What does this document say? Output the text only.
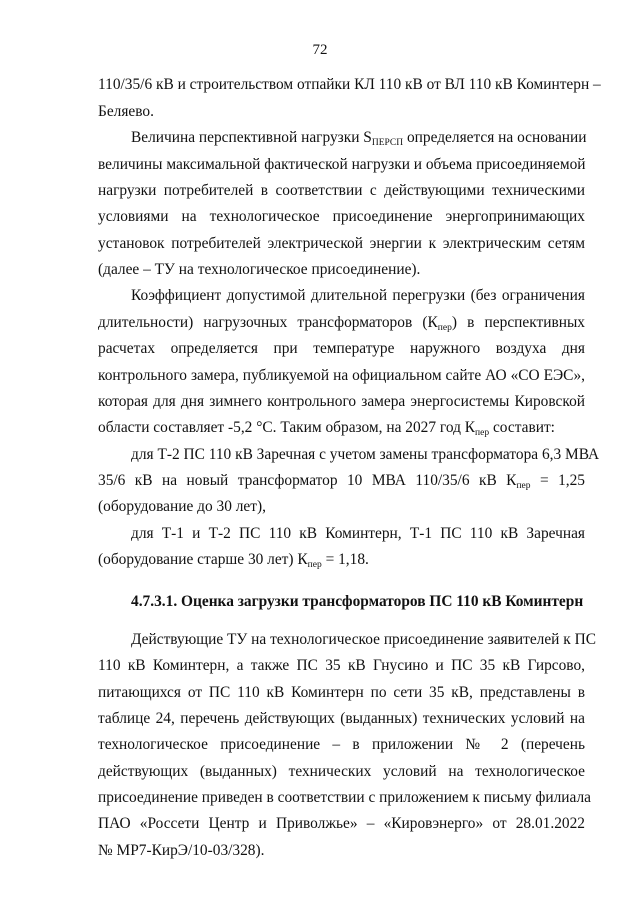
72
110/35/6 кВ и строительством отпайки КЛ 110 кВ от ВЛ 110 кВ Коминтерн –
Беляево.
Величина перспективной нагрузки $S_{ПЕРСП}$ определяется на основании
величины максимальной фактической нагрузки и объема присоединяемой
нагрузки потребителей в соответствии с действующими техническими
условиями на технологическое присоединение энергопринимающих
установок потребителей электрической энергии к электрическим сетям
(далее – ТУ на технологическое присоединение).
Коэффициент допустимой длительной перегрузки (без ограничения
длительности) нагрузочных трансформаторов $(К_{пер})$ в перспективных
расчетах определяется при температуре наружного воздуха дня
контрольного замера, публикуемой на официальном сайте АО «СО ЕЭС»,
которая для дня зимнего контрольного замера энергосистемы Кировской
области составляет -5,2 °С. Таким образом, на 2027 год $К_{пер}$ составит:
для Т-2 ПС 110 кВ Заречная с учетом замены трансформатора 6,3 МВА
35/6 кВ на новый трансформатор 10 МВА 110/35/6 кВ $К_{пер} = 1,25$
(оборудование до 30 лет),
для Т-1 и Т-2 ПС 110 кВ Коминтерн, Т-1 ПС 110 кВ Заречная
(оборудование старше 30 лет) $К_{пер} = 1,18$.
4.7.3.1. Оценка загрузки трансформаторов ПС 110 кВ Коминтерн
Действующие ТУ на технологическое присоединение заявителей к ПС
110 кВ Коминтерн, а также ПС 35 кВ Гнусино и ПС 35 кВ Гирсово,
питающихся от ПС 110 кВ Коминтерн по сети 35 кВ, представлены в
таблице 24, перечень действующих (выданных) технических условий на
технологическое присоединение – в приложении № 2 (перечень
действующих (выданных) технических условий на технологическое
присоединение приведен в соответствии с приложением к письму филиала
ПАО «Россети Центр и Приволжье» – «Кировэнерго» от 28.01.2022
№ МР7-КирЭ/10-03/328).
